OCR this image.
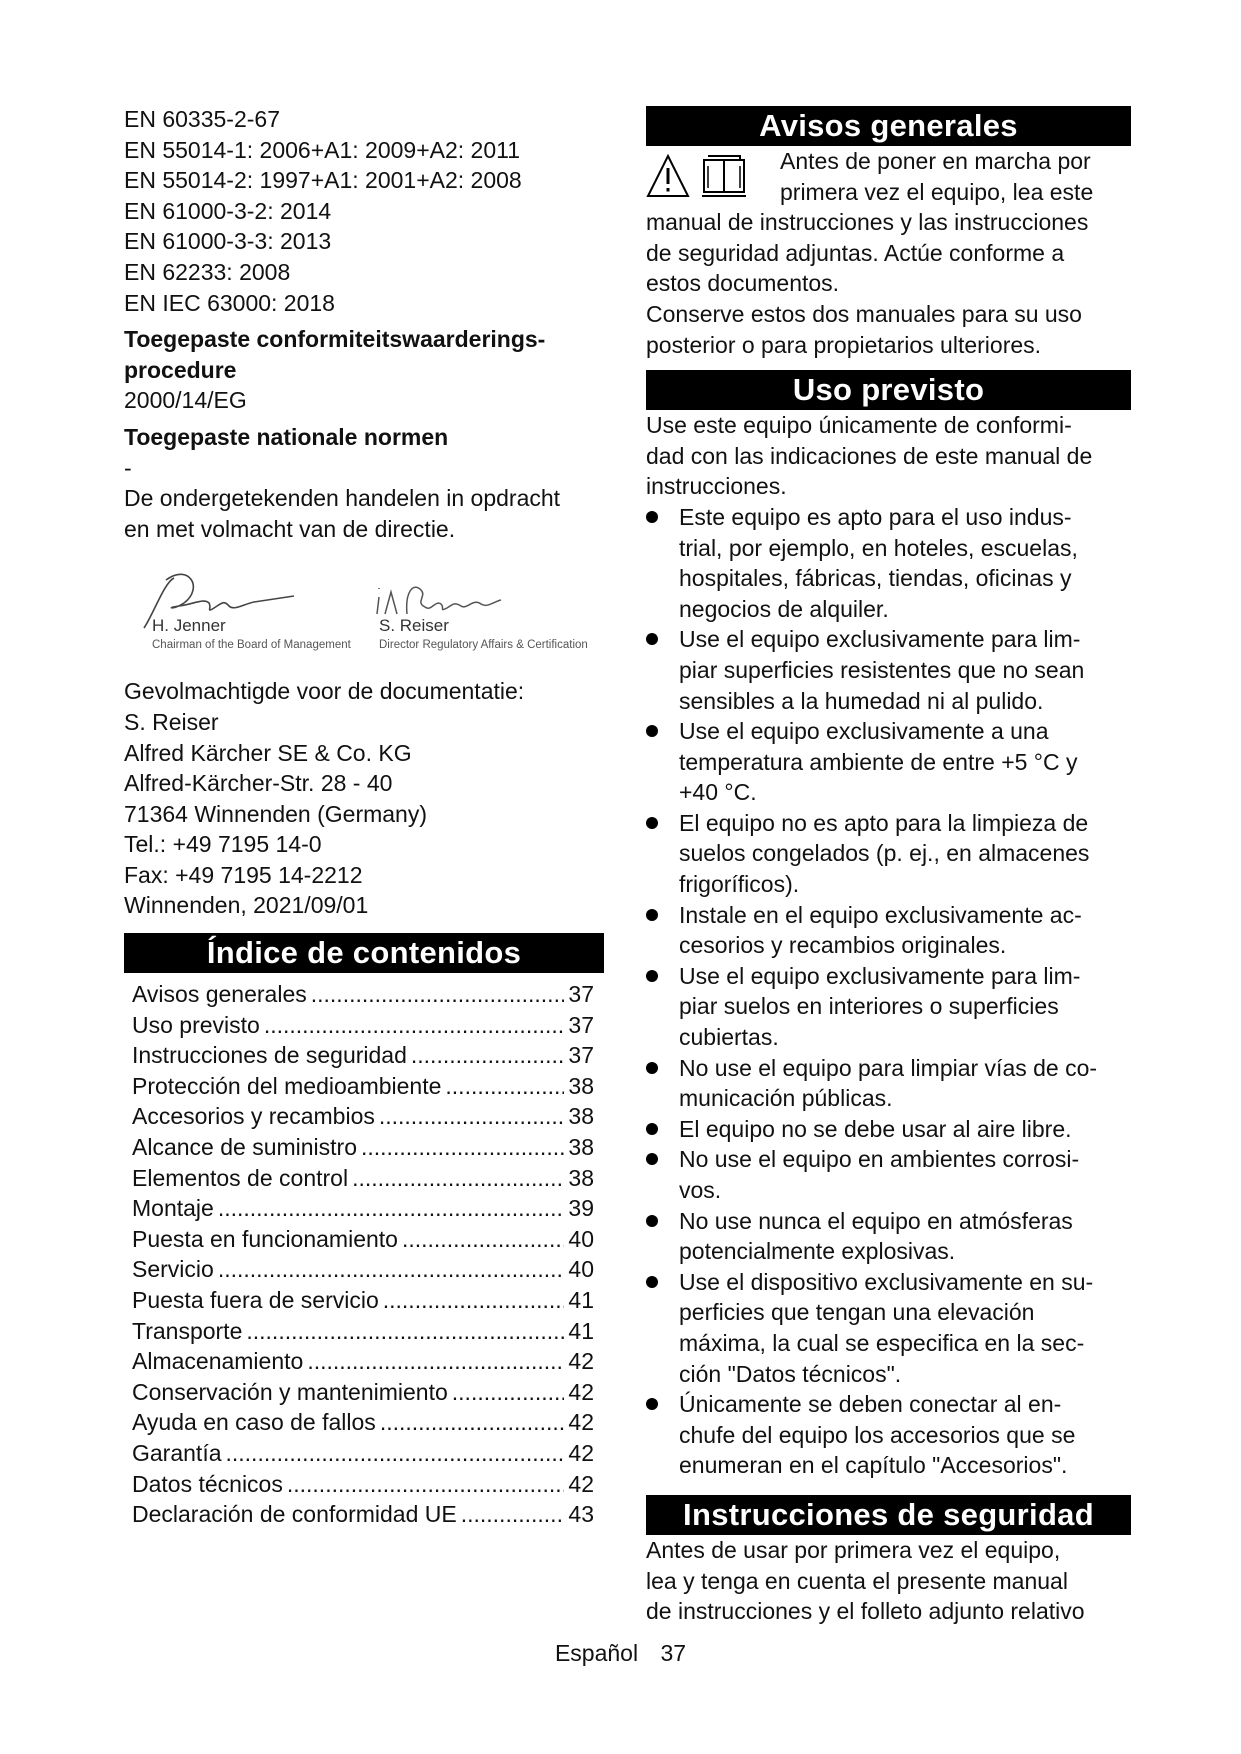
EN 60335-2-67
EN 55014-1: 2006+A1: 2009+A2: 2011
EN 55014-2: 1997+A1: 2001+A2: 2008
EN 61000-3-2: 2014
EN 61000-3-3: 2013
EN 62233: 2008
EN IEC 63000: 2018
Toegepaste conformiteitswaarderings-
procedure
2000/14/EG
Toegepaste nationale normen
-
De ondergetekenden handelen in opdracht
en met volmacht van de directie.
H. Jenner
Chairman of the Board of Management
S. Reiser
Director Regulatory Affairs & Certification
Gevolmachtigde voor de documentatie:
S. Reiser
Alfred Kärcher SE & Co. KG
Alfred-Kärcher-Str. 28 - 40
71364 Winnenden (Germany)
Tel.: +49 7195 14-0
Fax: +49 7195 14-2212
Winnenden, 2021/09/01
Índice de contenidos
Avisos generales .....	37
Uso previsto .....	37
Instrucciones de seguridad .....	37
Protección del medioambiente .....	38
Accesorios y recambios .....	38
Alcance de suministro .....	38
Elementos de control .....	38
Montaje .....	39
Puesta en funcionamiento .....	40
Servicio .....	40
Puesta fuera de servicio .....	41
Transporte .....	41
Almacenamiento .....	42
Conservación y mantenimiento .....	42
Ayuda en caso de fallos .....	42
Garantía .....	42
Datos técnicos .....	42
Declaración de conformidad UE .....	43
Avisos generales
Antes de poner en marcha por
primera vez el equipo, lea este
manual de instrucciones y las instrucciones
de seguridad adjuntas. Actúe conforme a
estos documentos.
Conserve estos dos manuales para su uso
posterior o para propietarios ulteriores.
Uso previsto
Use este equipo únicamente de conformi-
dad con las indicaciones de este manual de
instrucciones.
Este equipo es apto para el uso indus-
trial, por ejemplo, en hoteles, escuelas,
hospitales, fábricas, tiendas, oficinas y
negocios de alquiler.
Use el equipo exclusivamente para lim-
piar superficies resistentes que no sean
sensibles a la humedad ni al pulido.
Use el equipo exclusivamente a una
temperatura ambiente de entre +5 °C y
+40 °C.
El equipo no es apto para la limpieza de
suelos congelados (p. ej., en almacenes
frigoríficos).
Instale en el equipo exclusivamente ac-
cesorios y recambios originales.
Use el equipo exclusivamente para lim-
piar suelos en interiores o superficies
cubiertas.
No use el equipo para limpiar vías de co-
municación públicas.
El equipo no se debe usar al aire libre.
No use el equipo en ambientes corrosi-
vos.
No use nunca el equipo en atmósferas
potencialmente explosivas.
Use el dispositivo exclusivamente en su-
perficies que tengan una elevación
máxima, la cual se especifica en la sec-
ción "Datos técnicos".
Únicamente se deben conectar al en-
chufe del equipo los accesorios que se
enumeran en el capítulo "Accesorios".
Instrucciones de seguridad
Antes de usar por primera vez el equipo,
lea y tenga en cuenta el presente manual
de instrucciones y el folleto adjunto relativo
Español 37
